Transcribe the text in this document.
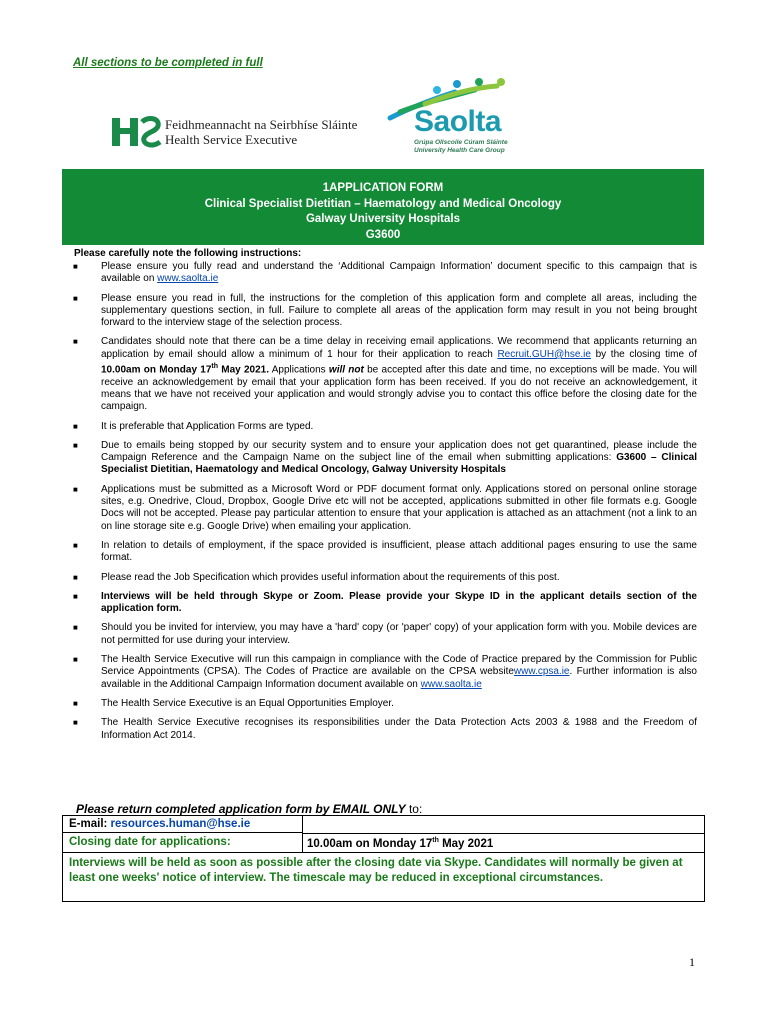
All sections to be completed in full
Feidhmeannacht na Seirbhíse Sláinte
Health Service Executive
Saolta
Grúpa Ollscoile Cúram Sláinte
University Health Care Group
1APPLICATION FORM
Clinical Specialist Dietitian – Haematology and Medical Oncology
Galway University Hospitals
G3600
Please carefully note the following instructions:
■ Please ensure you fully read and understand the ‘Additional Campaign Information’ document specific to this campaign that is available on www.saolta.ie
■ Please ensure you read in full, the instructions for the completion of this application form and complete all areas, including the supplementary questions section, in full. Failure to complete all areas of the application form may result in you not being brought forward to the interview stage of the selection process.
■ Candidates should note that there can be a time delay in receiving email applications. We recommend that applicants returning an application by email should allow a minimum of 1 hour for their application to reach Recruit.GUH@hse.ie by the closing time of 10.00am on Monday 17th May 2021. Applications will not be accepted after this date and time, no exceptions will be made. You will receive an acknowledgement by email that your application form has been received. If you do not receive an acknowledgement, it means that we have not received your application and would strongly advise you to contact this office before the closing date for the campaign.
■ It is preferable that Application Forms are typed.
■ Due to emails being stopped by our security system and to ensure your application does not get quarantined, please include the Campaign Reference and the Campaign Name on the subject line of the email when submitting applications: G3600 – Clinical Specialist Dietitian, Haematology and Medical Oncology, Galway University Hospitals
■ Applications must be submitted as a Microsoft Word or PDF document format only. Applications stored on personal online storage sites, e.g. Onedrive, Cloud, Dropbox, Google Drive etc will not be accepted, applications submitted in other file formats e.g. Google Docs will not be accepted. Please pay particular attention to ensure that your application is attached as an attachment (not a link to an on line storage site e.g. Google Drive) when emailing your application.
■ In relation to details of employment, if the space provided is insufficient, please attach additional pages ensuring to use the same format.
■ Please read the Job Specification which provides useful information about the requirements of this post.
■ Interviews will be held through Skype or Zoom. Please provide your Skype ID in the applicant details section of the application form.
■ Should you be invited for interview, you may have a 'hard' copy (or 'paper' copy) of your application form with you. Mobile devices are not permitted for use during your interview.
■ The Health Service Executive will run this campaign in compliance with the Code of Practice prepared by the Commission for Public Service Appointments (CPSA). The Codes of Practice are available on the CPSA websitewww.cpsa.ie. Further information is also available in the Additional Campaign Information document available on www.saolta.ie
■ The Health Service Executive is an Equal Opportunities Employer.
■ The Health Service Executive recognises its responsibilities under the Data Protection Acts 2003 & 1988 and the Freedom of Information Act 2014.
Please return completed application form by EMAIL ONLY to:
E-mail: resources.human@hse.ie
Closing date for applications:	10.00am on Monday 17th May 2021
Interviews will be held as soon as possible after the closing date via Skype. Candidates will normally be given at least one weeks' notice of interview. The timescale may be reduced in exceptional circumstances.
1
